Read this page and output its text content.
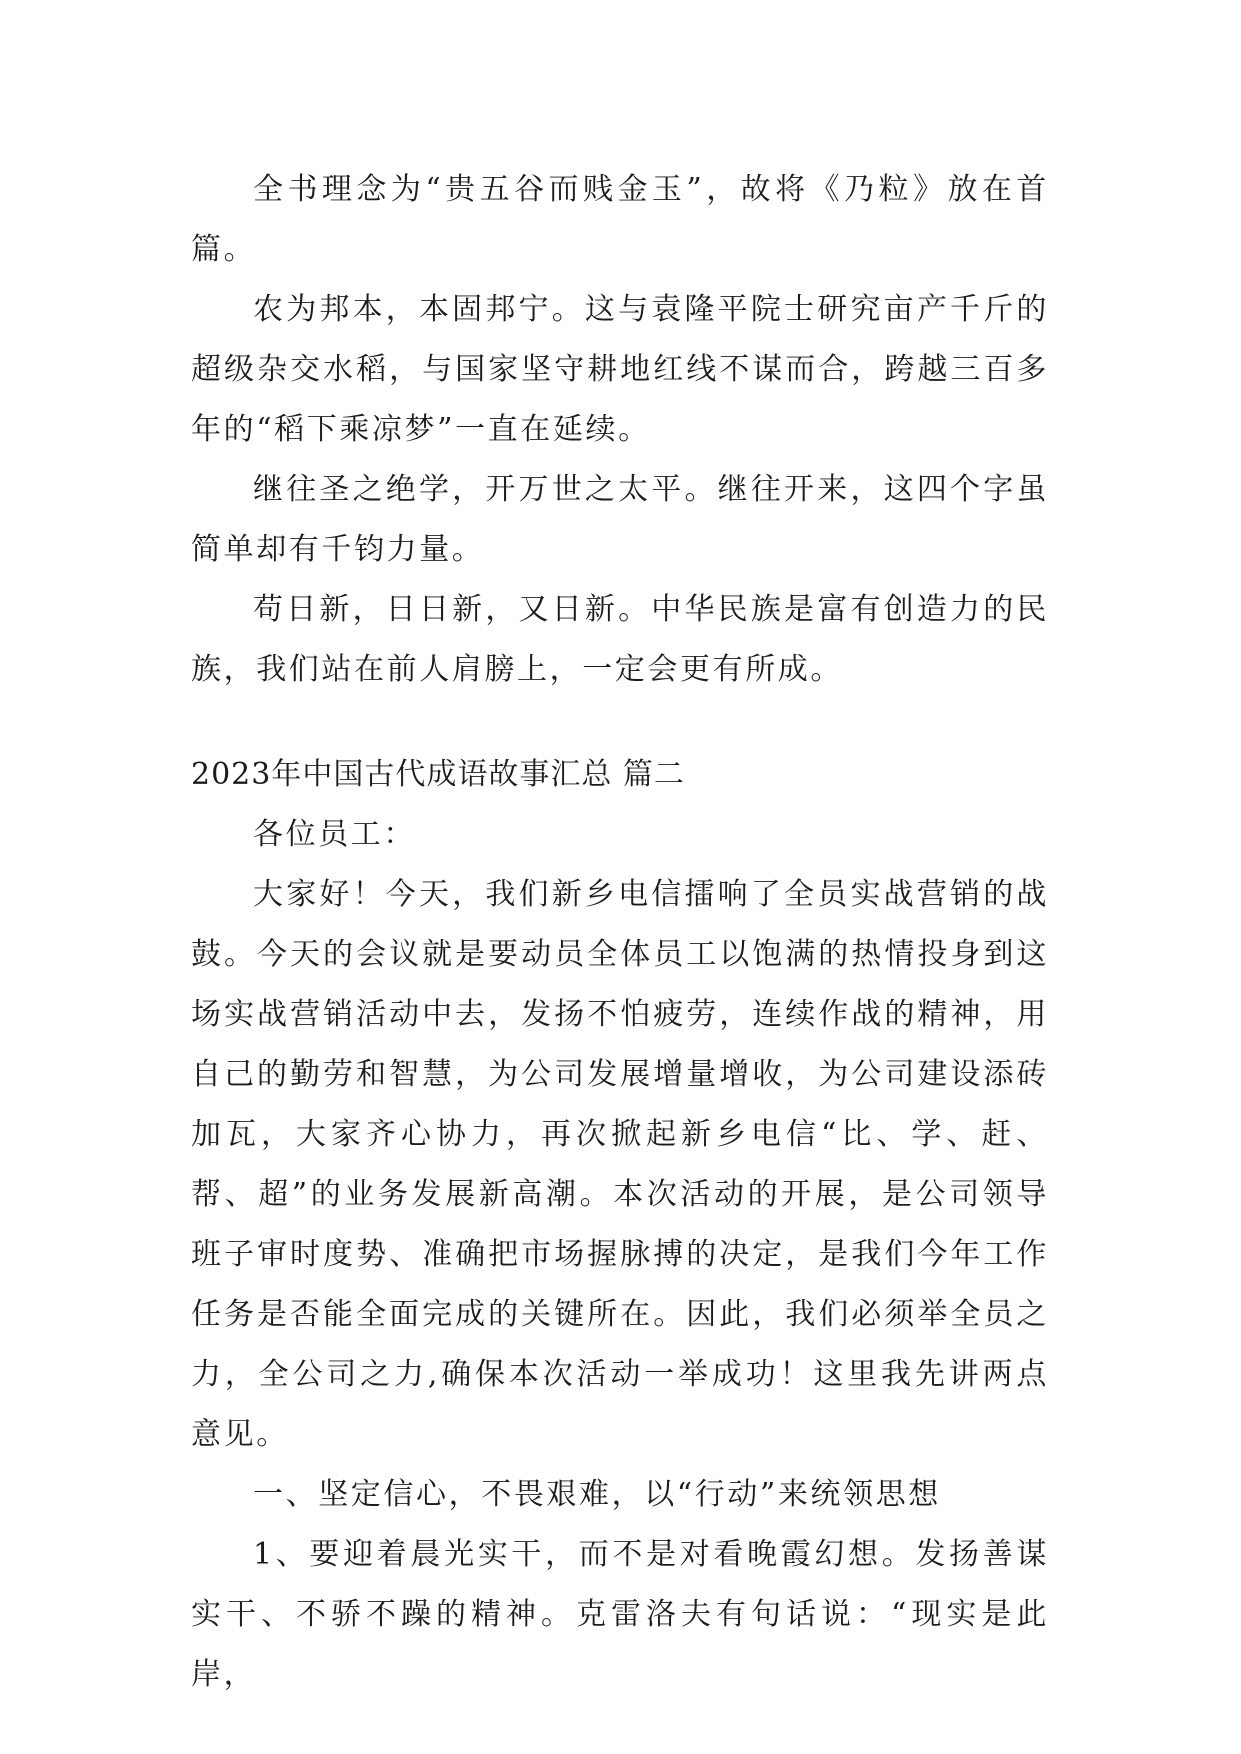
全书理念为“贵五谷而贱金玉”，故将《乃粒》放在首篇。

农为邦本，本固邦宁。这与袁隆平院士研究亩产千斤的超级杂交水稻，与国家坚守耕地红线不谋而合，跨越三百多年的“稻下乘凉梦”一直在延续。

继往圣之绝学，开万世之太平。继往开来，这四个字虽简单却有千钧力量。

苟日新，日日新，又日新。中华民族是富有创造力的民族，我们站在前人肩膀上，一定会更有所成。

2023年中国古代成语故事汇总 篇二

各位员工：

大家好！今天，我们新乡电信擂响了全员实战营销的战鼓。今天的会议就是要动员全体员工以饱满的热情投身到这场实战营销活动中去，发扬不怕疲劳，连续作战的精神，用自己的勤劳和智慧，为公司发展增量增收，为公司建设添砖加瓦，大家齐心协力，再次掀起新乡电信“比、学、赶、帮、超”的业务发展新高潮。本次活动的开展，是公司领导班子审时度势、准确把市场握脉搏的决定，是我们今年工作任务是否能全面完成的关键所在。因此，我们必须举全员之力，全公司之力,确保本次活动一举成功！这里我先讲两点意见。

一、坚定信心，不畏艰难，以“行动”来统领思想

1、要迎着晨光实干，而不是对看晚霞幻想。发扬善谋实干、不骄不躁的精神。克雷洛夫有句话说：“现实是此岸，
